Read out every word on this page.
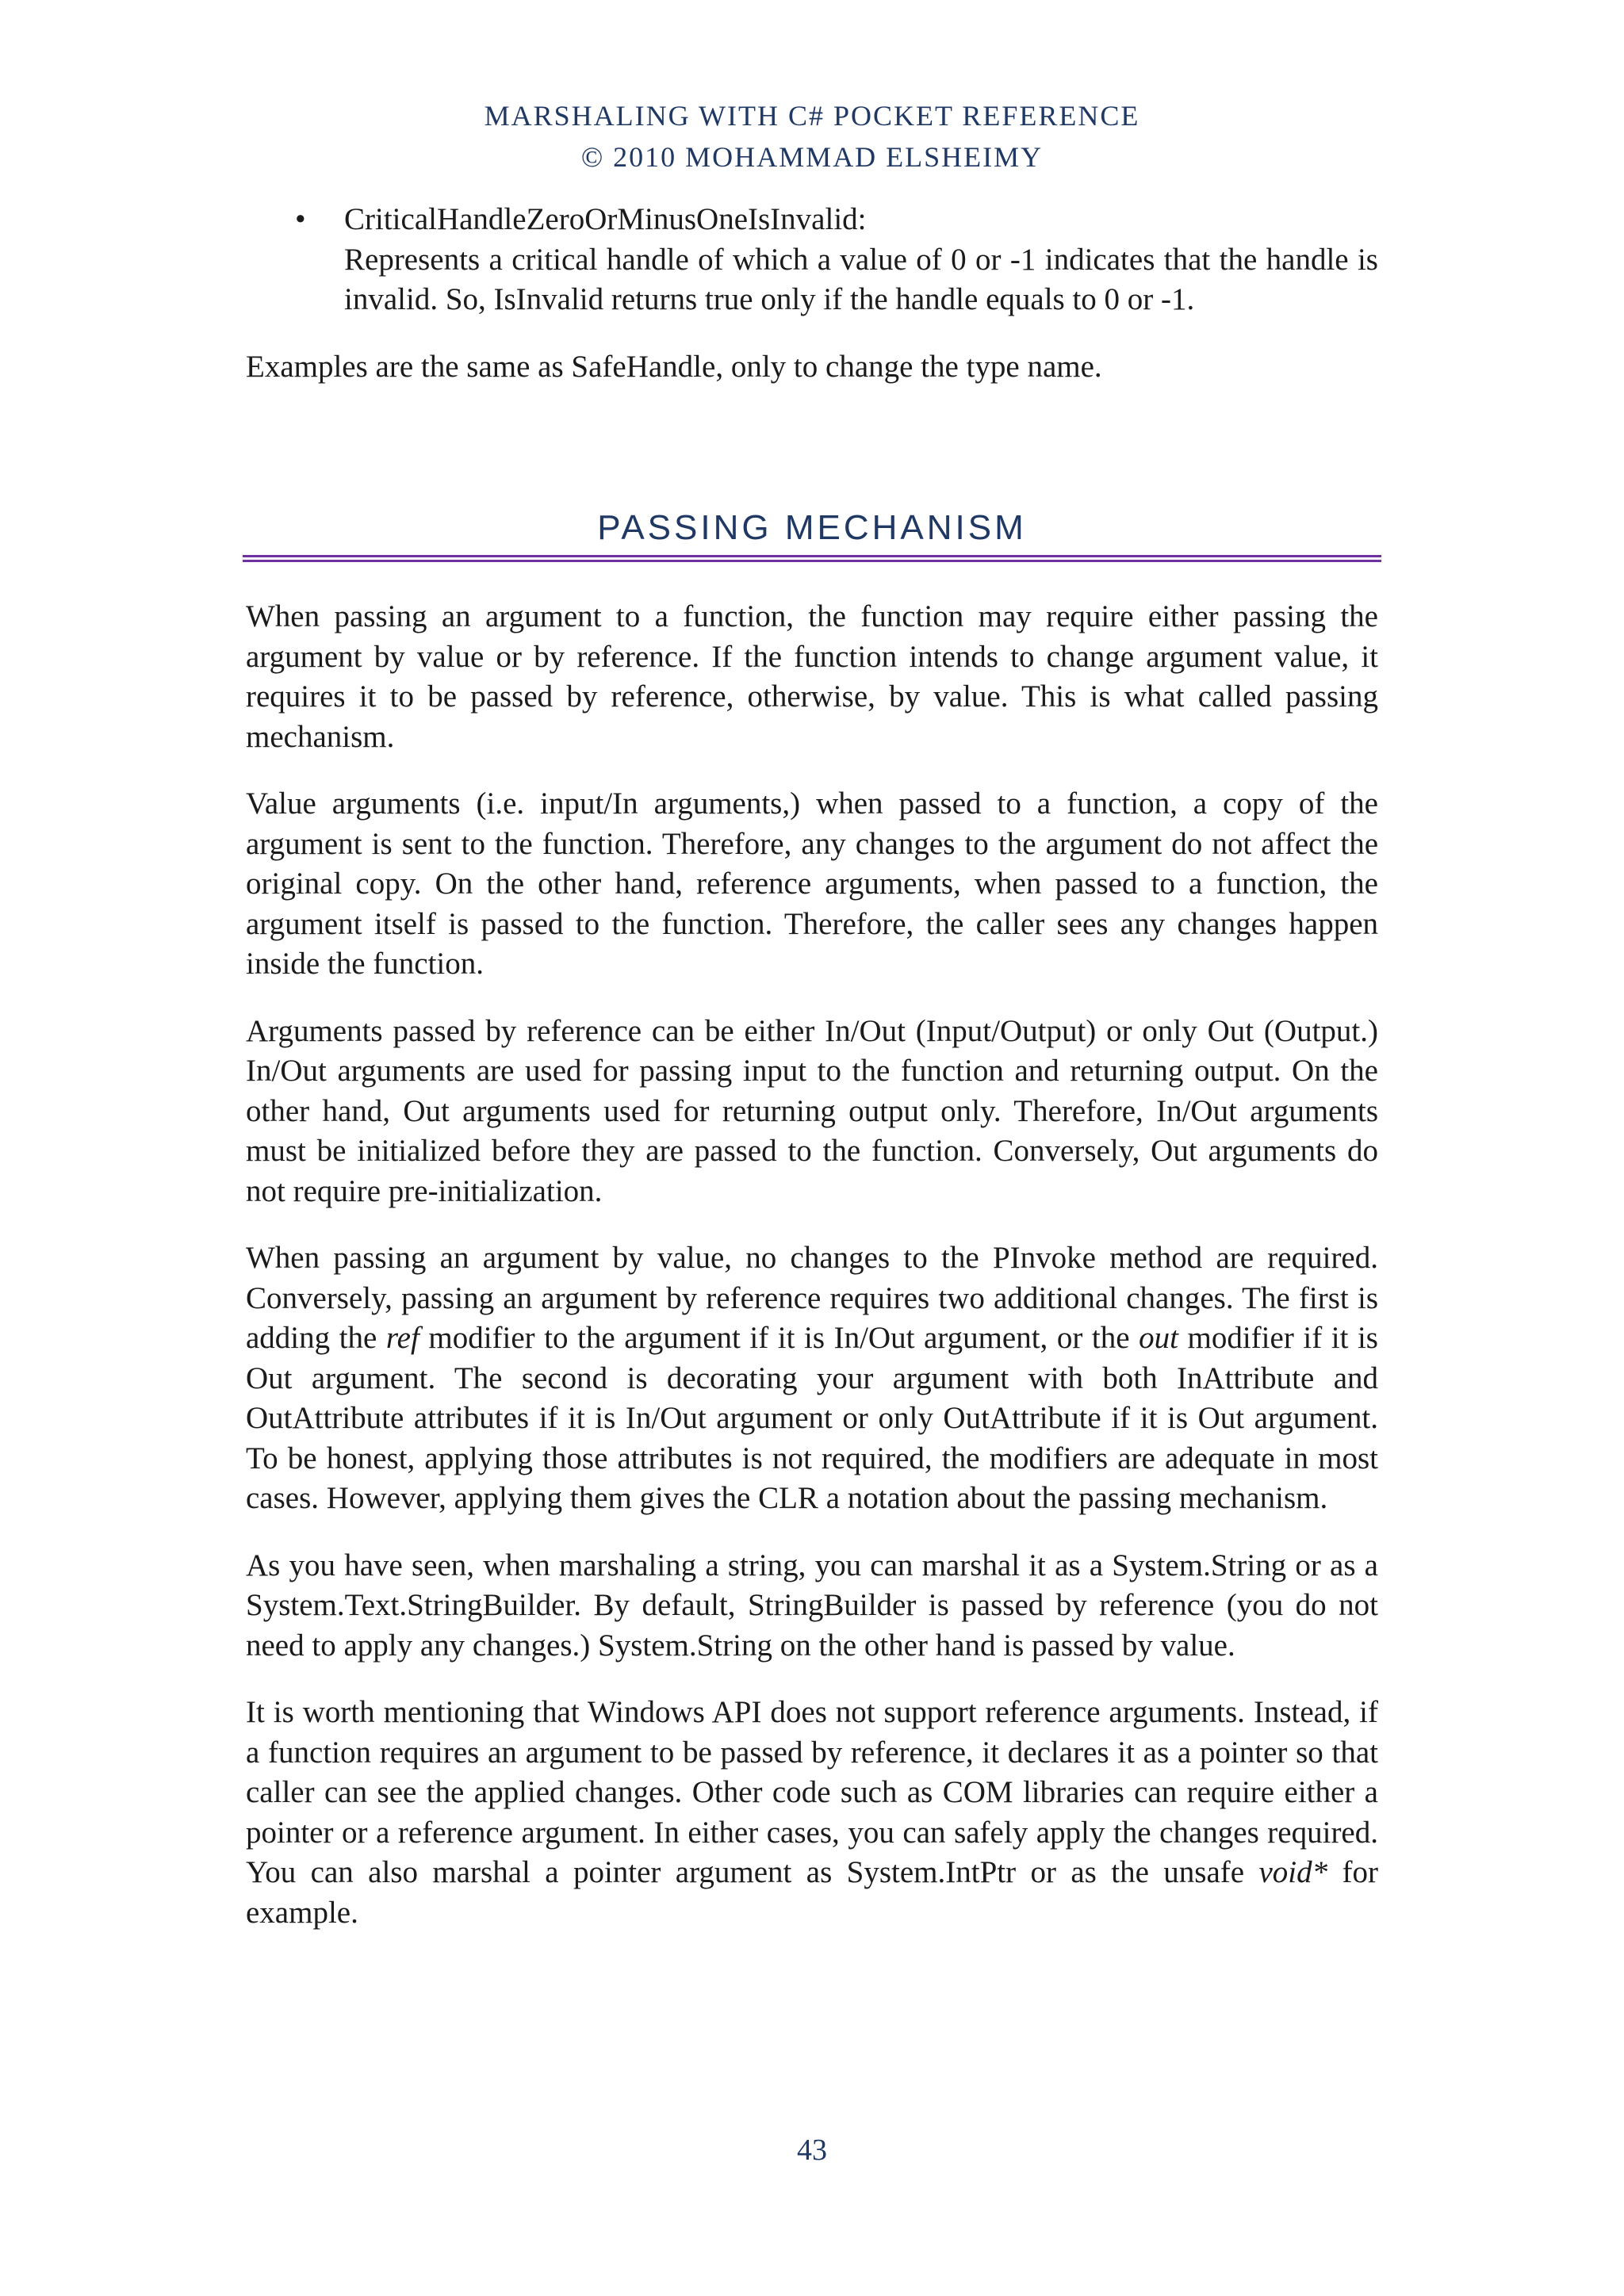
MARSHALING WITH C# POCKET REFERENCE
© 2010 MOHAMMAD ELSHEIMY
• CriticalHandleZeroOrMinusOneIsInvalid:
Represents a critical handle of which a value of 0 or -1 indicates that the handle is invalid. So, IsInvalid returns true only if the handle equals to 0 or -1.

Examples are the same as SafeHandle, only to change the type name.

PASSING MECHANISM

When passing an argument to a function, the function may require either passing the argument by value or by reference. If the function intends to change argument value, it requires it to be passed by reference, otherwise, by value. This is what called passing mechanism.

Value arguments (i.e. input/In arguments,) when passed to a function, a copy of the argument is sent to the function. Therefore, any changes to the argument do not affect the original copy. On the other hand, reference arguments, when passed to a function, the argument itself is passed to the function. Therefore, the caller sees any changes happen inside the function.

Arguments passed by reference can be either In/Out (Input/Output) or only Out (Output.) In/Out arguments are used for passing input to the function and returning output. On the other hand, Out arguments used for returning output only. Therefore, In/Out arguments must be initialized before they are passed to the function. Conversely, Out arguments do not require pre-initialization.

When passing an argument by value, no changes to the PInvoke method are required. Conversely, passing an argument by reference requires two additional changes. The first is adding the ref modifier to the argument if it is In/Out argument, or the out modifier if it is Out argument. The second is decorating your argument with both InAttribute and OutAttribute attributes if it is In/Out argument or only OutAttribute if it is Out argument. To be honest, applying those attributes is not required, the modifiers are adequate in most cases. However, applying them gives the CLR a notation about the passing mechanism.

As you have seen, when marshaling a string, you can marshal it as a System.String or as a System.Text.StringBuilder. By default, StringBuilder is passed by reference (you do not need to apply any changes.) System.String on the other hand is passed by value.

It is worth mentioning that Windows API does not support reference arguments. Instead, if a function requires an argument to be passed by reference, it declares it as a pointer so that caller can see the applied changes. Other code such as COM libraries can require either a pointer or a reference argument. In either cases, you can safely apply the changes required. You can also marshal a pointer argument as System.IntPtr or as the unsafe void* for example.

43
